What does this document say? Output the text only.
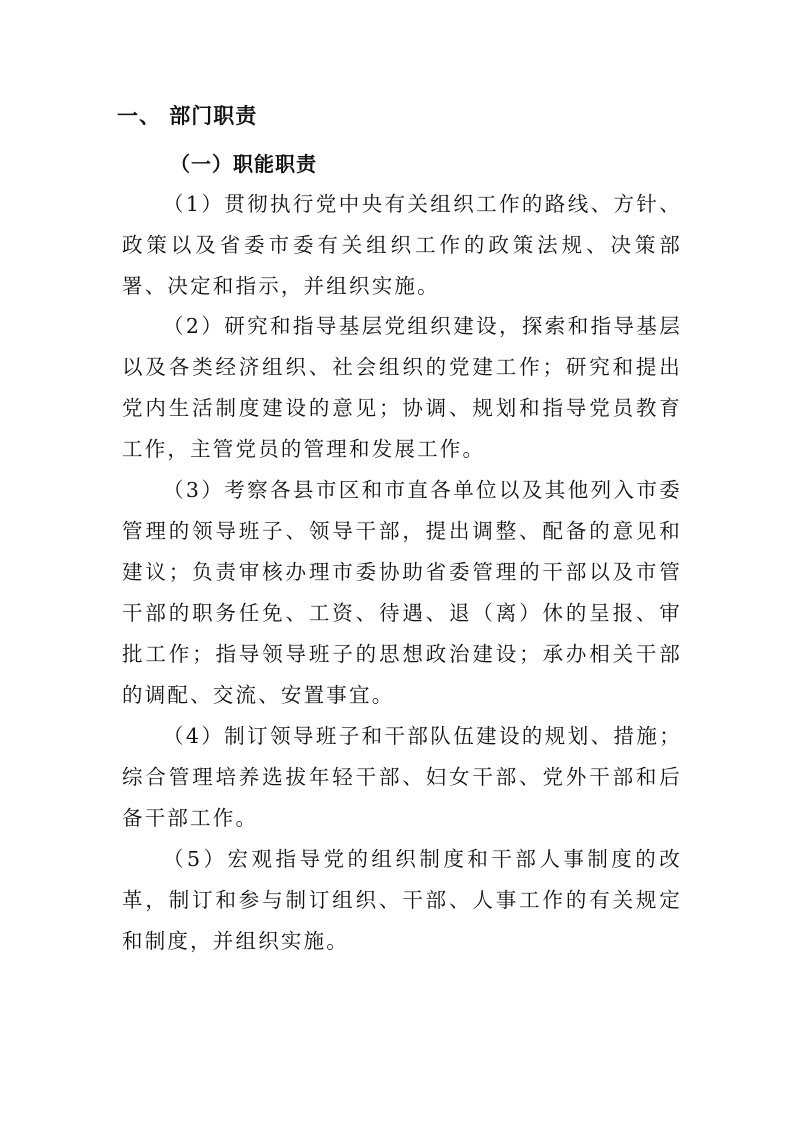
一、 部门职责
（一）职能职责

（1）贯彻执行党中央有关组织工作的路线、方针、政策以及省委市委有关组织工作的政策法规、决策部署、决定和指示，并组织实施。

（2）研究和指导基层党组织建设，探索和指导基层以及各类经济组织、社会组织的党建工作；研究和提出党内生活制度建设的意见；协调、规划和指导党员教育工作，主管党员的管理和发展工作。

（3）考察各县市区和市直各单位以及其他列入市委管理的领导班子、领导干部，提出调整、配备的意见和建议；负责审核办理市委协助省委管理的干部以及市管干部的职务任免、工资、待遇、退（离）休的呈报、审批工作；指导领导班子的思想政治建设；承办相关干部的调配、交流、安置事宜。

（4）制订领导班子和干部队伍建设的规划、措施；综合管理培养选拔年轻干部、妇女干部、党外干部和后备干部工作。

（5）宏观指导党的组织制度和干部人事制度的改革，制订和参与制订组织、干部、人事工作的有关规定和制度，并组织实施。
